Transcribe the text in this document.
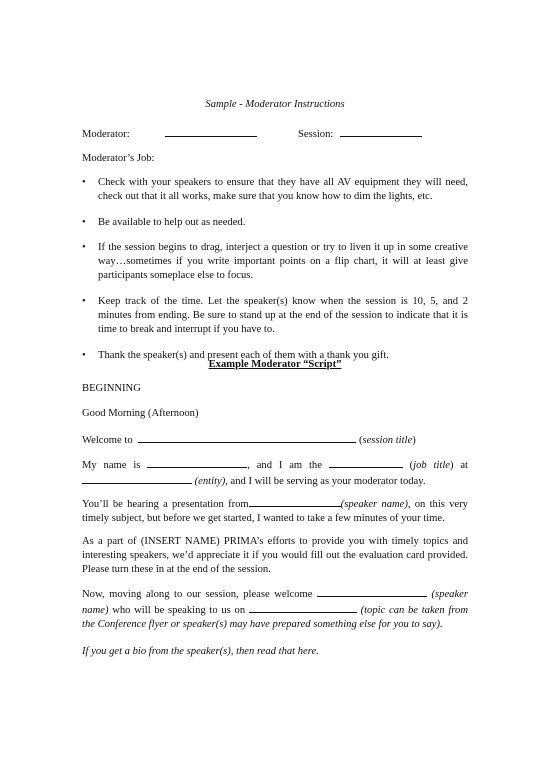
Sample - Moderator Instructions
Moderator:	Session:
Moderator’s Job:
• Check with your speakers to ensure that they have all AV equipment they will need, check out that it all works, make sure that you know how to dim the lights, etc.
• Be available to help out as needed.
• If the session begins to drag, interject a question or try to liven it up in some creative way…sometimes if you write important points on a flip chart, it will at least give participants someplace else to focus.
• Keep track of the time. Let the speaker(s) know when the session is 10, 5, and 2 minutes from ending. Be sure to stand up at the end of the session to indicate that it is time to break and interrupt if you have to.
• Thank the speaker(s) and present each of them with a thank you gift.
Example Moderator “Script”
BEGINNING
Good Morning (Afternoon)
Welcome to	(session title)
My name is	, and I am the	(job title) at
(entity), and I will be serving as your moderator today.
You’ll be hearing a presentation from	(speaker name), on this very timely subject, but before we get started, I wanted to take a few minutes of your time.
As a part of (INSERT NAME) PRIMA’s efforts to provide you with timely topics and interesting speakers, we’d appreciate it if you would fill out the evaluation card provided. Please turn these in at the end of the session.
Now, moving along to our session, please welcome	(speaker name) who will be speaking to us on	(topic can be taken from the Conference flyer or speaker(s) may have prepared something else for you to say).
If you get a bio from the speaker(s), then read that here.
